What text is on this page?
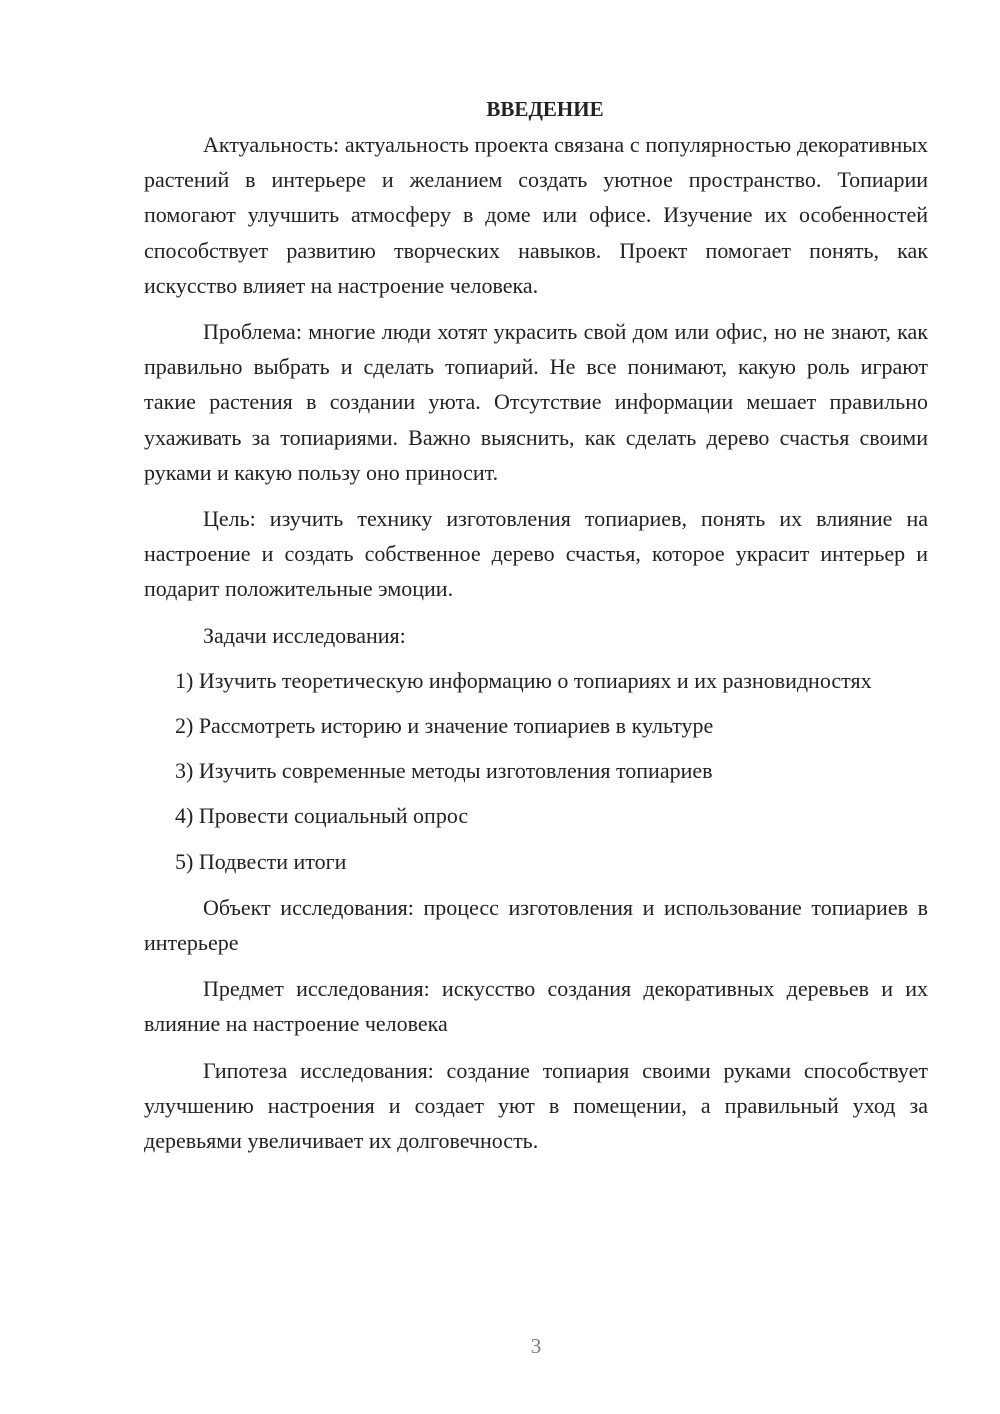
ВВЕДЕНИЕ

Актуальность: актуальность проекта связана с популярностью декоративных растений в интерьере и желанием создать уютное пространство. Топиарии помогают улучшить атмосферу в доме или офисе. Изучение их особенностей способствует развитию творческих навыков. Проект помогает понять, как искусство влияет на настроение человека.

Проблема: многие люди хотят украсить свой дом или офис, но не знают, как правильно выбрать и сделать топиарий. Не все понимают, какую роль играют такие растения в создании уюта. Отсутствие информации мешает правильно ухаживать за топиариями. Важно выяснить, как сделать дерево счастья своими руками и какую пользу оно приносит.

Цель: изучить технику изготовления топиариев, понять их влияние на настроение и создать собственное дерево счастья, которое украсит интерьер и подарит положительные эмоции.

Задачи исследования:

1) Изучить теоретическую информацию о топиариях и их разновидностях

2) Рассмотреть историю и значение топиариев в культуре

3) Изучить современные методы изготовления топиариев

4) Провести социальный опрос

5) Подвести итоги

Объект исследования: процесс изготовления и использование топиариев в интерьере

Предмет исследования: искусство создания декоративных деревьев и их влияние на настроение человека

Гипотеза исследования: создание топиария своими руками способствует улучшению настроения и создает уют в помещении, а правильный уход за деревьями увеличивает их долговечность.

3
